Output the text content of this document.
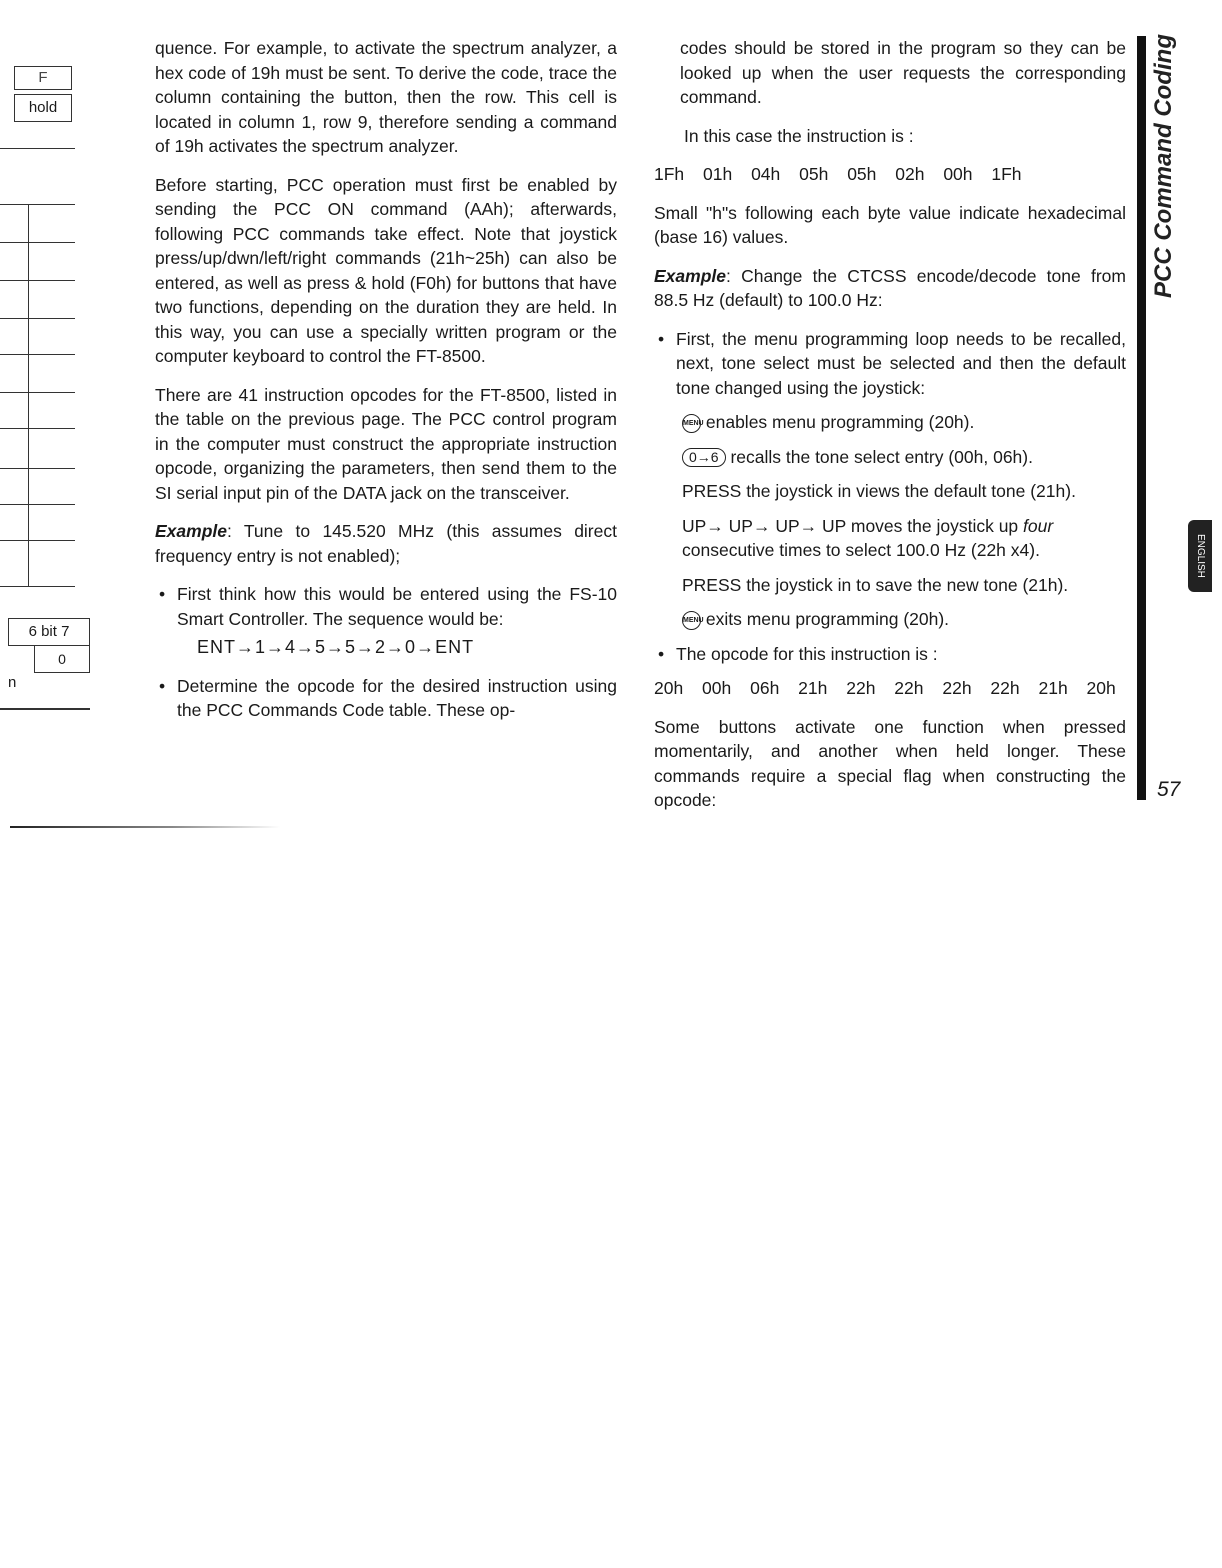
F
hold
6 bit 7
0
n

quence. For example, to activate the spectrum analyzer, a hex code of 19h must be sent. To derive the code, trace the column containing the button, then the row. This cell is located in column 1, row 9, therefore sending a command of 19h activates the spectrum analyzer.

Before starting, PCC operation must first be enabled by sending the PCC ON command (AAh); afterwards, following PCC commands take effect. Note that joystick press/up/dwn/left/right commands (21h~25h) can also be entered, as well as press & hold (F0h) for buttons that have two functions, depending on the duration they are held. In this way, you can use a specially written program or the computer keyboard to control the FT-8500.

There are 41 instruction opcodes for the FT-8500, listed in the table on the previous page. The PCC control program in the computer must construct the appropriate instruction opcode, organizing the parameters, then send them to the SI serial input pin of the DATA jack on the transceiver.

Example: Tune to 145.520 MHz (this assumes direct frequency entry is not enabled);

• First think how this would be entered using the FS-10 Smart Controller. The sequence would be:
ENT→1→4→5→5→2→0→ENT
• Determine the opcode for the desired instruction using the PCC Commands Code table. These op-

codes should be stored in the program so they can be looked up when the user requests the corresponding command.

In this case the instruction is :

1Fh 01h 04h 05h 05h 02h 00h 1Fh

Small "h"s following each byte value indicate hexadecimal (base 16) values.

Example: Change the CTCSS encode/decode tone from 88.5 Hz (default) to 100.0 Hz:

• First, the menu programming loop needs to be recalled, next, tone select must be selected and then the default tone changed using the joystick:

MENU enables menu programming (20h).

0→6 recalls the tone select entry (00h, 06h).

PRESS the joystick in views the default tone (21h).

UP→ UP→ UP→ UP moves the joystick up four consecutive times to select 100.0 Hz (22h x4).

PRESS the joystick in to save the new tone (21h).

MENU exits menu programming (20h).

• The opcode for this instruction is :

20h 00h 06h 21h 22h 22h 22h 22h 21h 20h

Some buttons activate one function when pressed momentarily, and another when held longer. These commands require a special flag when constructing the opcode:

PCC Command Coding
ENGLISH
57
